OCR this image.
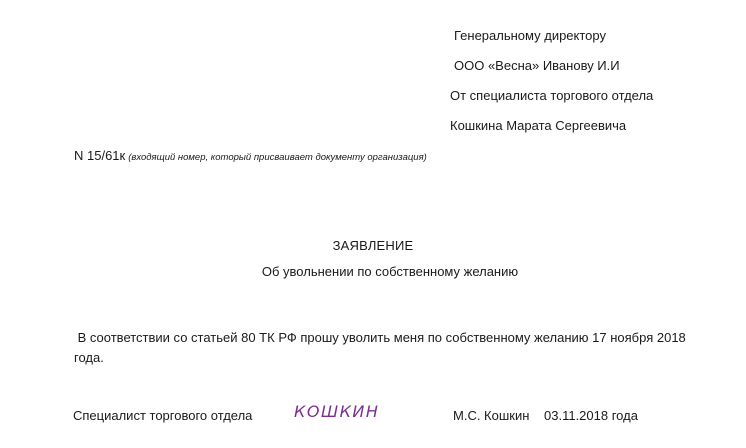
Генеральному директору
ООО «Весна» Иванову И.И
От специалиста торгового отдела
Кошкина Марата Сергеевича
N 15/61к (входящий номер, который присваивает документу организация)
ЗАЯВЛЕНИЕ
Об увольнении по собственному желанию
В соответствии со статьей 80 ТК РФ прошу уволить меня по собственному желанию 17 ноября 2018 года.
Специалист торгового отдела	КОШКИН	М.С. Кошкин 03.11.2018 года
